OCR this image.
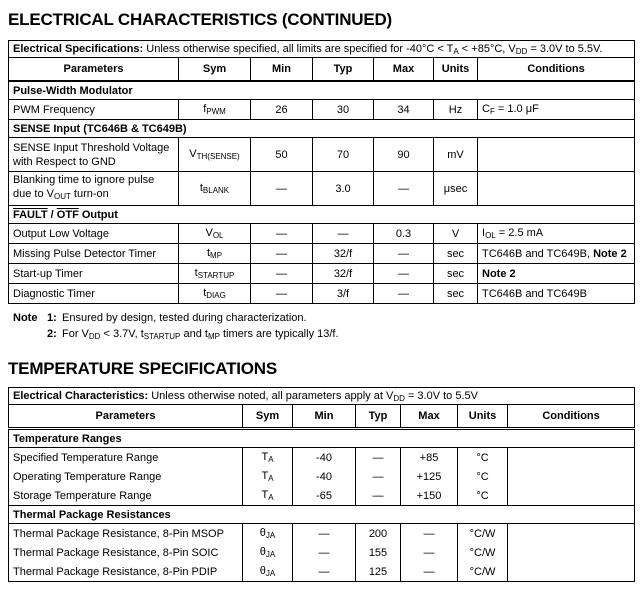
ELECTRICAL CHARACTERISTICS (CONTINUED)
Electrical Specifications: Unless otherwise specified, all limits are specified for -40°C < TA < +85°C, VDD = 3.0V to 5.5V.						
Parameters	Sym	Min	Typ	Max	Units	Conditions
Pulse-Width Modulator						
PWM Frequency	fPWM	26	30	34	Hz	CF = 1.0 μF
SENSE Input (TC646B & TC649B)						
SENSE Input Threshold Voltage with Respect to GND	VTH(SENSE)	50	70	90	mV	
Blanking time to ignore pulse due to VOUT turn-on	tBLANK	—	3.0	—	μsec	
FAULT / $\overline{OTF}$ Output						
Output Low Voltage	VOL	—	—	0.3	V	IOL = 2.5 mA
Missing Pulse Detector Timer	tMP	—	32/f	—	sec	TC646B and TC649B, Note 2
Start-up Timer	tSTARTUP	—	32/f	—	sec	Note 2
Diagnostic Timer	tDIAG	—	3/f	—	sec	TC646B and TC649B
Note 1: Ensured by design, tested during characterization.
2: For VDD < 3.7V, tSTARTUP and tMP timers are typically 13/f.
TEMPERATURE SPECIFICATIONS
Electrical Characteristics: Unless otherwise noted, all parameters apply at VDD = 3.0V to 5.5V						
Parameters	Sym	Min	Typ	Max	Units	Conditions
Temperature Ranges						
Specified Temperature Range	TA	-40	—	+85	°C	
Operating Temperature Range	TA	-40	—	+125	°C	
Storage Temperature Range	TA	-65	—	+150	°C	
Thermal Package Resistances						
Thermal Package Resistance, 8-Pin MSOP	θJA	—	200	—	°C/W	
Thermal Package Resistance, 8-Pin SOIC	θJA	—	155	—	°C/W	
Thermal Package Resistance, 8-Pin PDIP	θJA	—	125	—	°C/W	
